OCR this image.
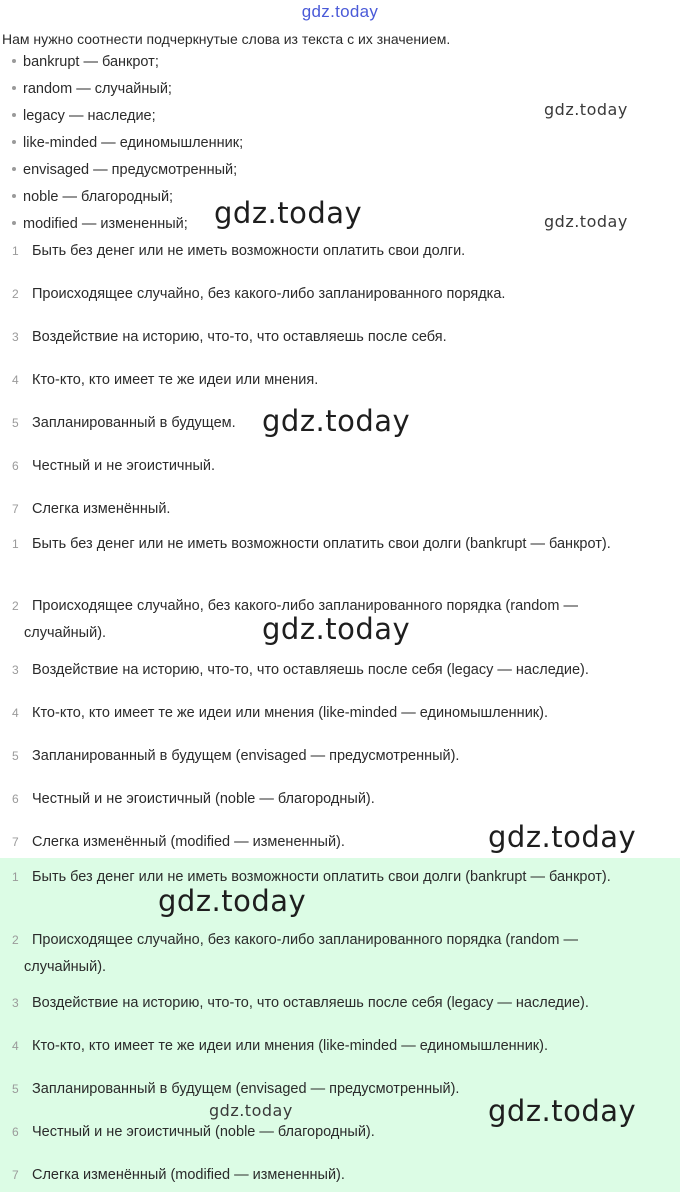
gdz.today
Нам нужно соотнести подчеркнутые слова из текста с их значением.
bankrupt — банкрот;
random — случайный;
legacy — наследие;
like-minded — единомышленник;
envisaged — предусмотренный;
noble — благородный;
modified — измененный;
1 Быть без денег или не иметь возможности оплатить свои долги.
2 Происходящее случайно, без какого-либо запланированного порядка.
3 Воздействие на историю, что-то, что оставляешь после себя.
4 Кто-кто, кто имеет те же идеи или мнения.
5 Запланированный в будущем.
6 Честный и не эгоистичный.
7 Слегка изменённый.
1 Быть без денег или не иметь возможности оплатить свои долги (bankrupt — банкрот).
2 Происходящее случайно, без какого-либо запланированного порядка (random — случайный).
3 Воздействие на историю, что-то, что оставляешь после себя (legacy — наследие).
4 Кто-кто, кто имеет те же идеи или мнения (like-minded — единомышленник).
5 Запланированный в будущем (envisaged — предусмотренный).
6 Честный и не эгоистичный (noble — благородный).
7 Слегка изменённый (modified — измененный).
1 Быть без денег или не иметь возможности оплатить свои долги (bankrupt — банкрот).
2 Происходящее случайно, без какого-либо запланированного порядка (random — случайный).
3 Воздействие на историю, что-то, что оставляешь после себя (legacy — наследие).
4 Кто-кто, кто имеет те же идеи или мнения (like-minded — единомышленник).
5 Запланированный в будущем (envisaged — предусмотренный).
6 Честный и не эгоистичный (noble — благородный).
7 Слегка изменённый (modified — измененный).
gdz.today
gdz.today	gdz.today
gdz.today
gdz.today
gdz.today
gdz.today
gdz.today	gdz.today
